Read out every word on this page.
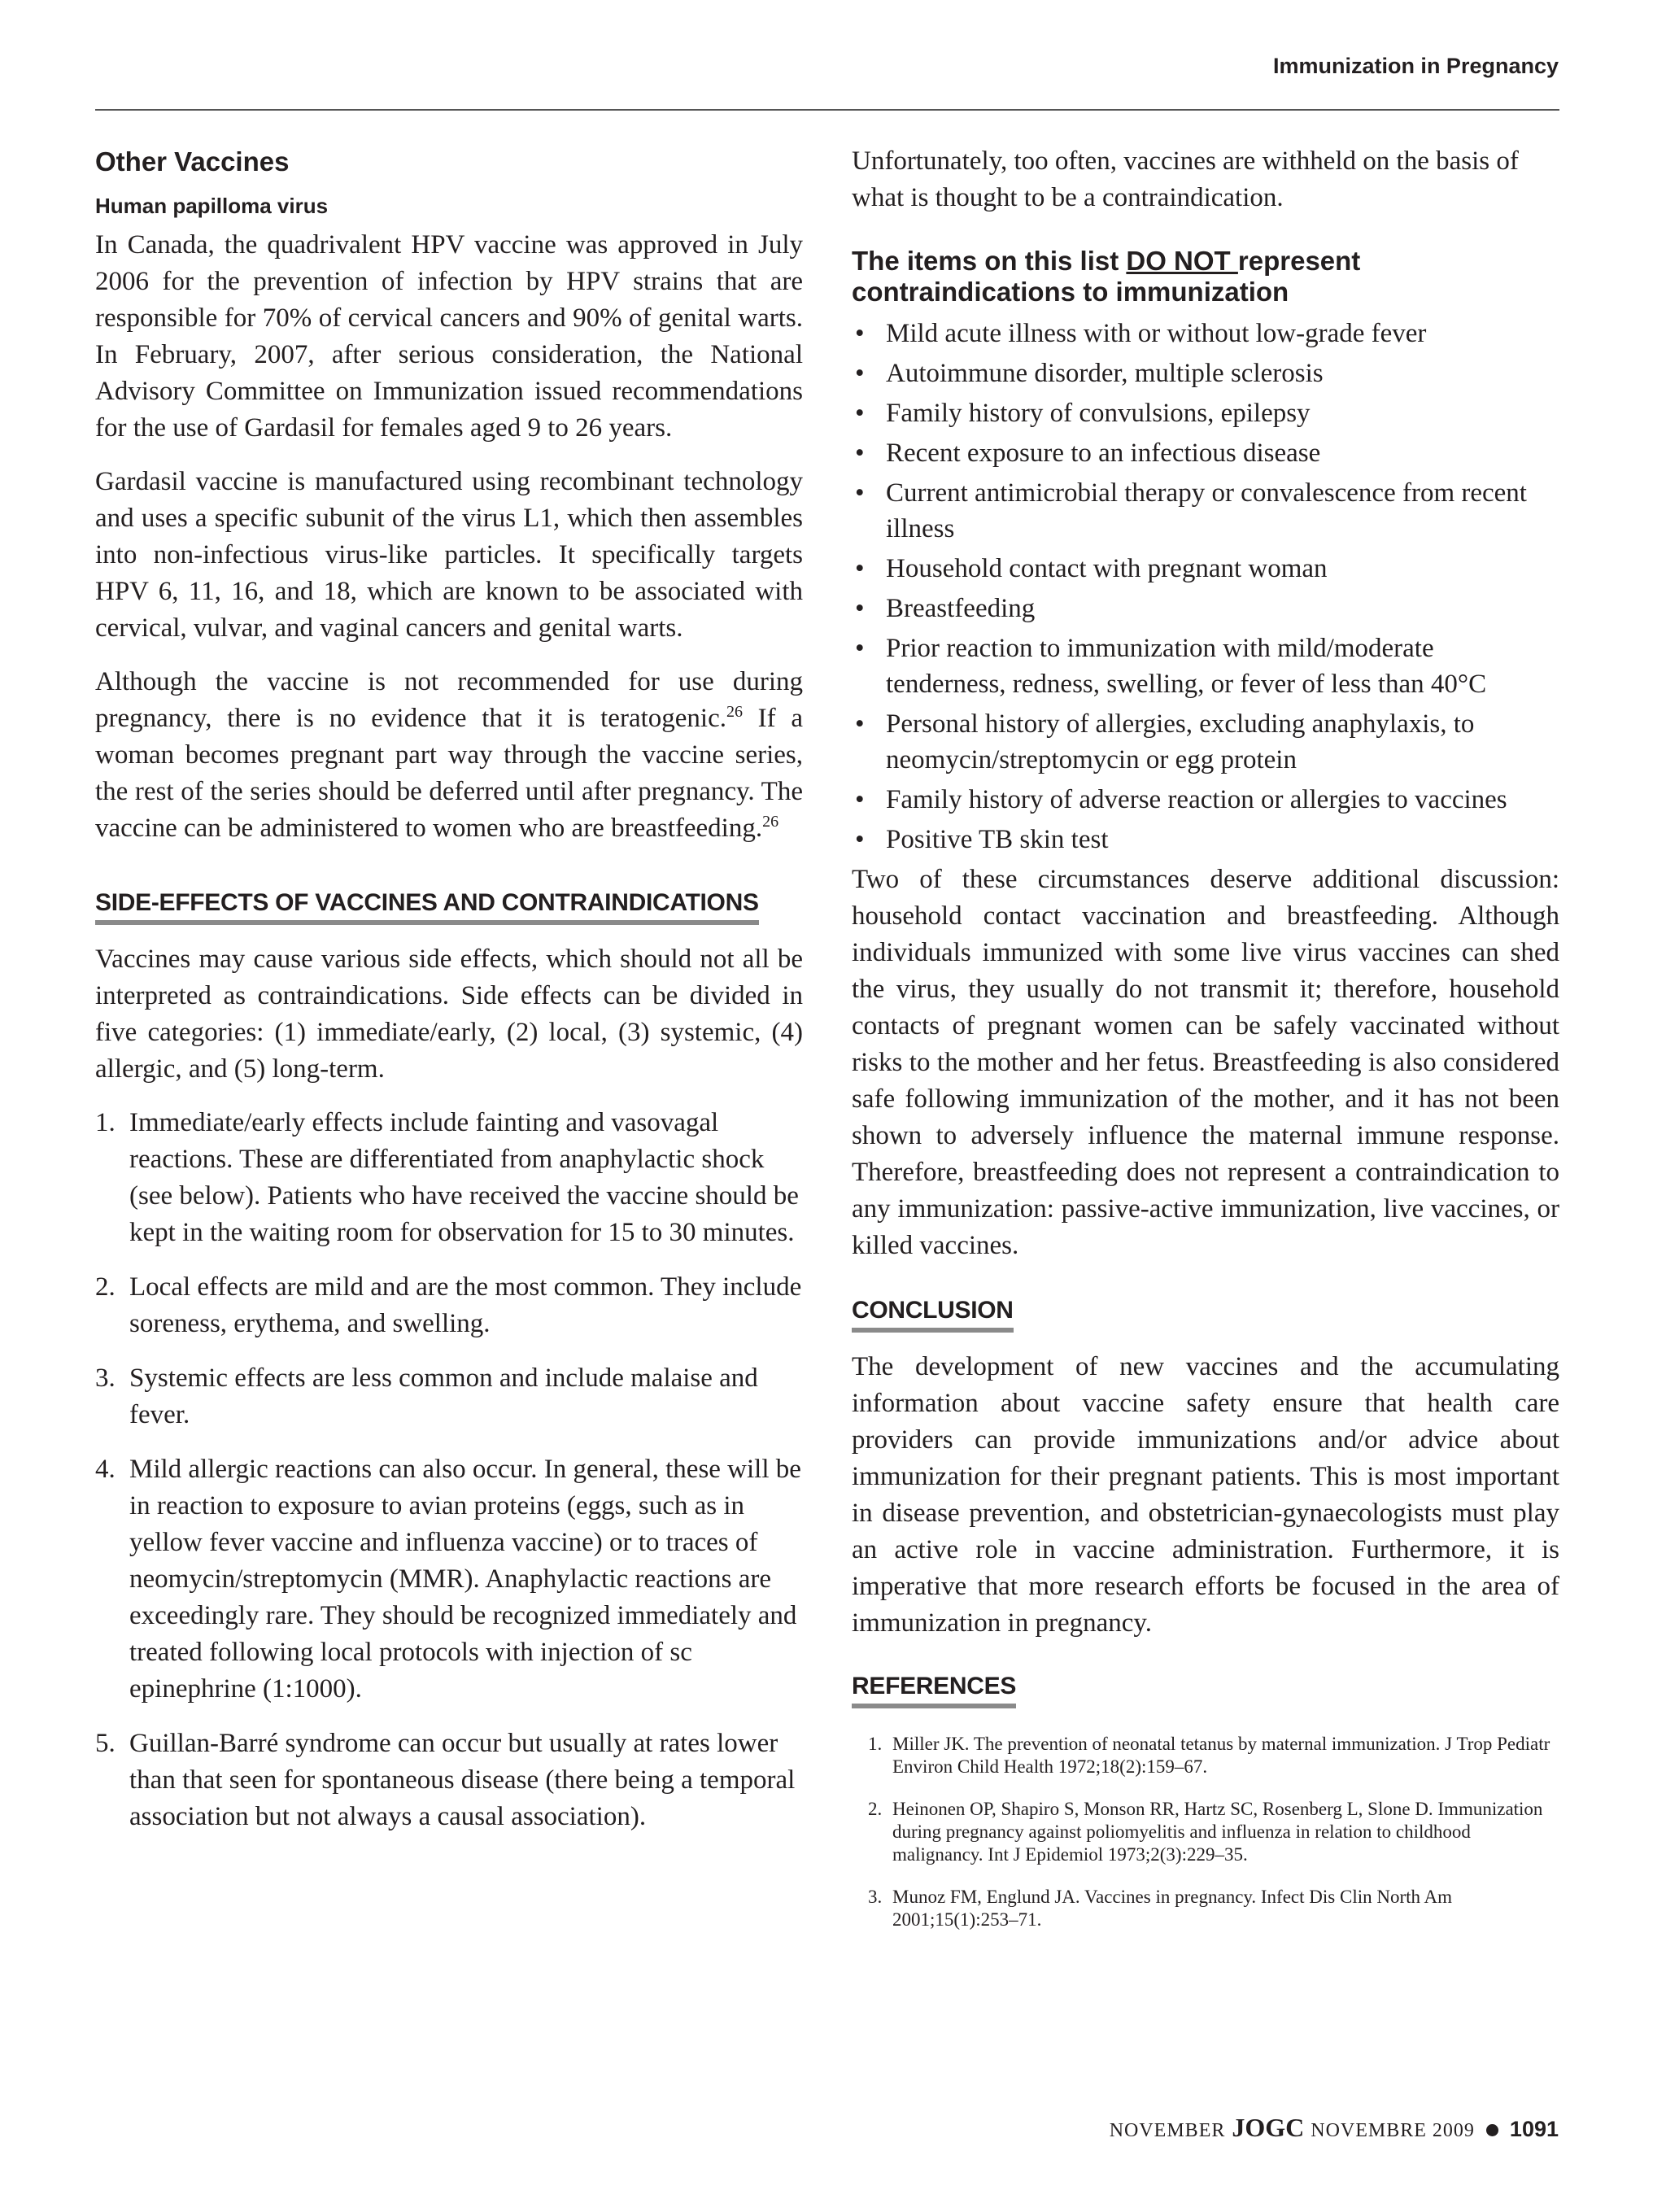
Immunization in Pregnancy
Other Vaccines
Human papilloma virus

In Canada, the quadrivalent HPV vaccine was approved in July 2006 for the prevention of infection by HPV strains that are responsible for 70% of cervical cancers and 90% of genital warts. In February, 2007, after serious consideration, the National Advisory Committee on Immunization issued recommendations for the use of Gardasil for females aged 9 to 26 years.

Gardasil vaccine is manufactured using recombinant technology and uses a specific subunit of the virus L1, which then assembles into non-infectious virus-like particles. It specifically targets HPV 6, 11, 16, and 18, which are known to be associated with cervical, vulvar, and vaginal cancers and genital warts.

Although the vaccine is not recommended for use during pregnancy, there is no evidence that it is teratogenic.$^{26}$ If a woman becomes pregnant part way through the vaccine series, the rest of the series should be deferred until after pregnancy. The vaccine can be administered to women who are breastfeeding.$^{26}$

SIDE-EFFECTS OF VACCINES AND CONTRAINDICATIONS

Vaccines may cause various side effects, which should not all be interpreted as contraindications. Side effects can be divided in five categories: (1) immediate/early, (2) local, (3) systemic, (4) allergic, and (5) long-term.

1. Immediate/early effects include fainting and vasovagal reactions. These are differentiated from anaphylactic shock (see below). Patients who have received the vaccine should be kept in the waiting room for observation for 15 to 30 minutes.
2. Local effects are mild and are the most common. They include soreness, erythema, and swelling.
3. Systemic effects are less common and include malaise and fever.
4. Mild allergic reactions can also occur. In general, these will be in reaction to exposure to avian proteins (eggs, such as in yellow fever vaccine and influenza vaccine) or to traces of neomycin/streptomycin (MMR). Anaphylactic reactions are exceedingly rare. They should be recognized immediately and treated following local protocols with injection of sc epinephrine (1:1000).
5. Guillan-Barré syndrome can occur but usually at rates lower than that seen for spontaneous disease (there being a temporal association but not always a causal association).

Unfortunately, too often, vaccines are withheld on the basis of what is thought to be a contraindication.

The items on this list DO NOT represent contraindications to immunization
• Mild acute illness with or without low-grade fever
• Autoimmune disorder, multiple sclerosis
• Family history of convulsions, epilepsy
• Recent exposure to an infectious disease
• Current antimicrobial therapy or convalescence from recent illness
• Household contact with pregnant woman
• Breastfeeding
• Prior reaction to immunization with mild/moderate tenderness, redness, swelling, or fever of less than 40°C
• Personal history of allergies, excluding anaphylaxis, to neomycin/streptomycin or egg protein
• Family history of adverse reaction or allergies to vaccines
• Positive TB skin test

Two of these circumstances deserve additional discussion: household contact vaccination and breastfeeding. Although individuals immunized with some live virus vaccines can shed the virus, they usually do not transmit it; therefore, household contacts of pregnant women can be safely vaccinated without risks to the mother and her fetus. Breastfeeding is also considered safe following immunization of the mother, and it has not been shown to adversely influence the maternal immune response. Therefore, breastfeeding does not represent a contraindication to any immunization: passive-active immunization, live vaccines, or killed vaccines.

CONCLUSION

The development of new vaccines and the accumulating information about vaccine safety ensure that health care providers can provide immunizations and/or advice about immunization for their pregnant patients. This is most important in disease prevention, and obstetrician-gynaecologists must play an active role in vaccine administration. Furthermore, it is imperative that more research efforts be focused in the area of immunization in pregnancy.

REFERENCES
1. Miller JK. The prevention of neonatal tetanus by maternal immunization. J Trop Pediatr Environ Child Health 1972;18(2):159–67.
2. Heinonen OP, Shapiro S, Monson RR, Hartz SC, Rosenberg L, Slone D. Immunization during pregnancy against poliomyelitis and influenza in relation to childhood malignancy. Int J Epidemiol 1973;2(3):229–35.
3. Munoz FM, Englund JA. Vaccines in pregnancy. Infect Dis Clin North Am 2001;15(1):253–71.
NOVEMBER JOGC NOVEMBRE 2009 1091
